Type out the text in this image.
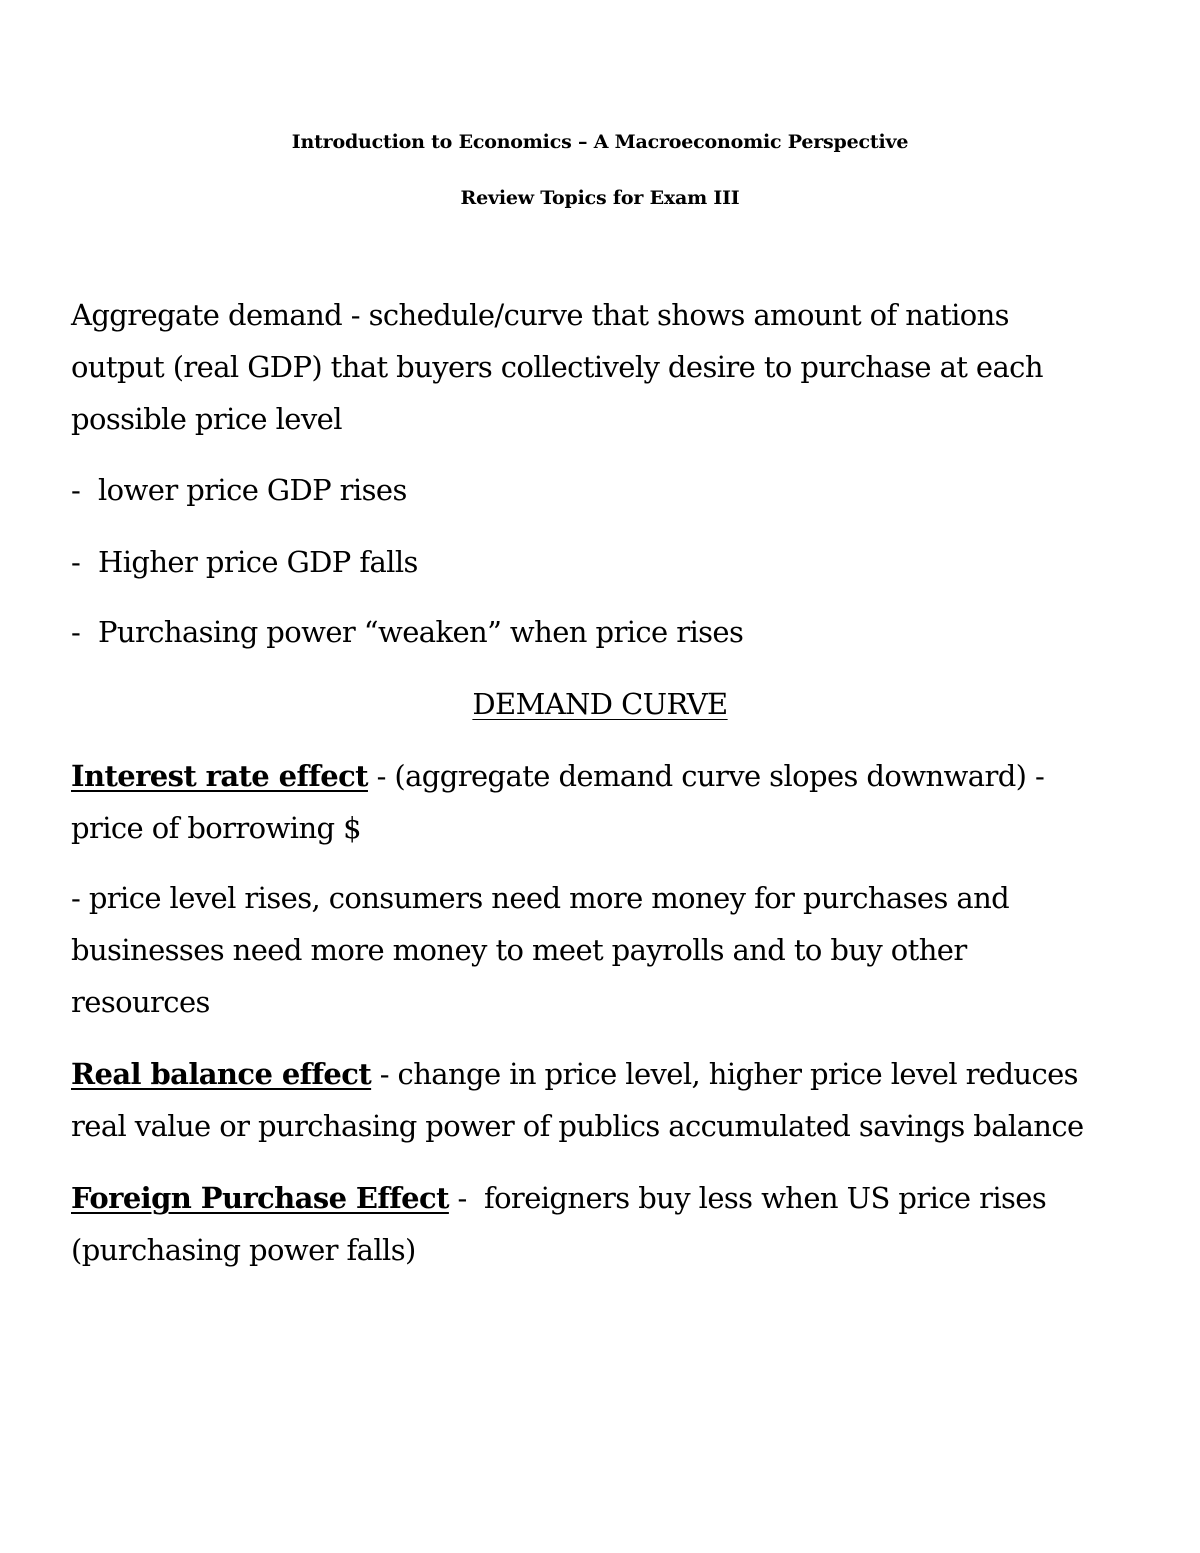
Introduction to Economics – A Macroeconomic Perspective
Review Topics for Exam III

Aggregate demand - schedule/curve that shows amount of nations

output (real GDP) that buyers collectively desire to purchase at each

possible price level

- lower price GDP rises

- Higher price GDP falls

- Purchasing power “weaken” when price rises

DEMAND CURVE

Interest rate effect - (aggregate demand curve slopes downward) -

price of borrowing $

- price level rises, consumers need more money for purchases and

businesses need more money to meet payrolls and to buy other

resources

Real balance effect - change in price level, higher price level reduces

real value or purchasing power of publics accumulated savings balance

Foreign Purchase Effect -  foreigners buy less when US price rises

(purchasing power falls)
